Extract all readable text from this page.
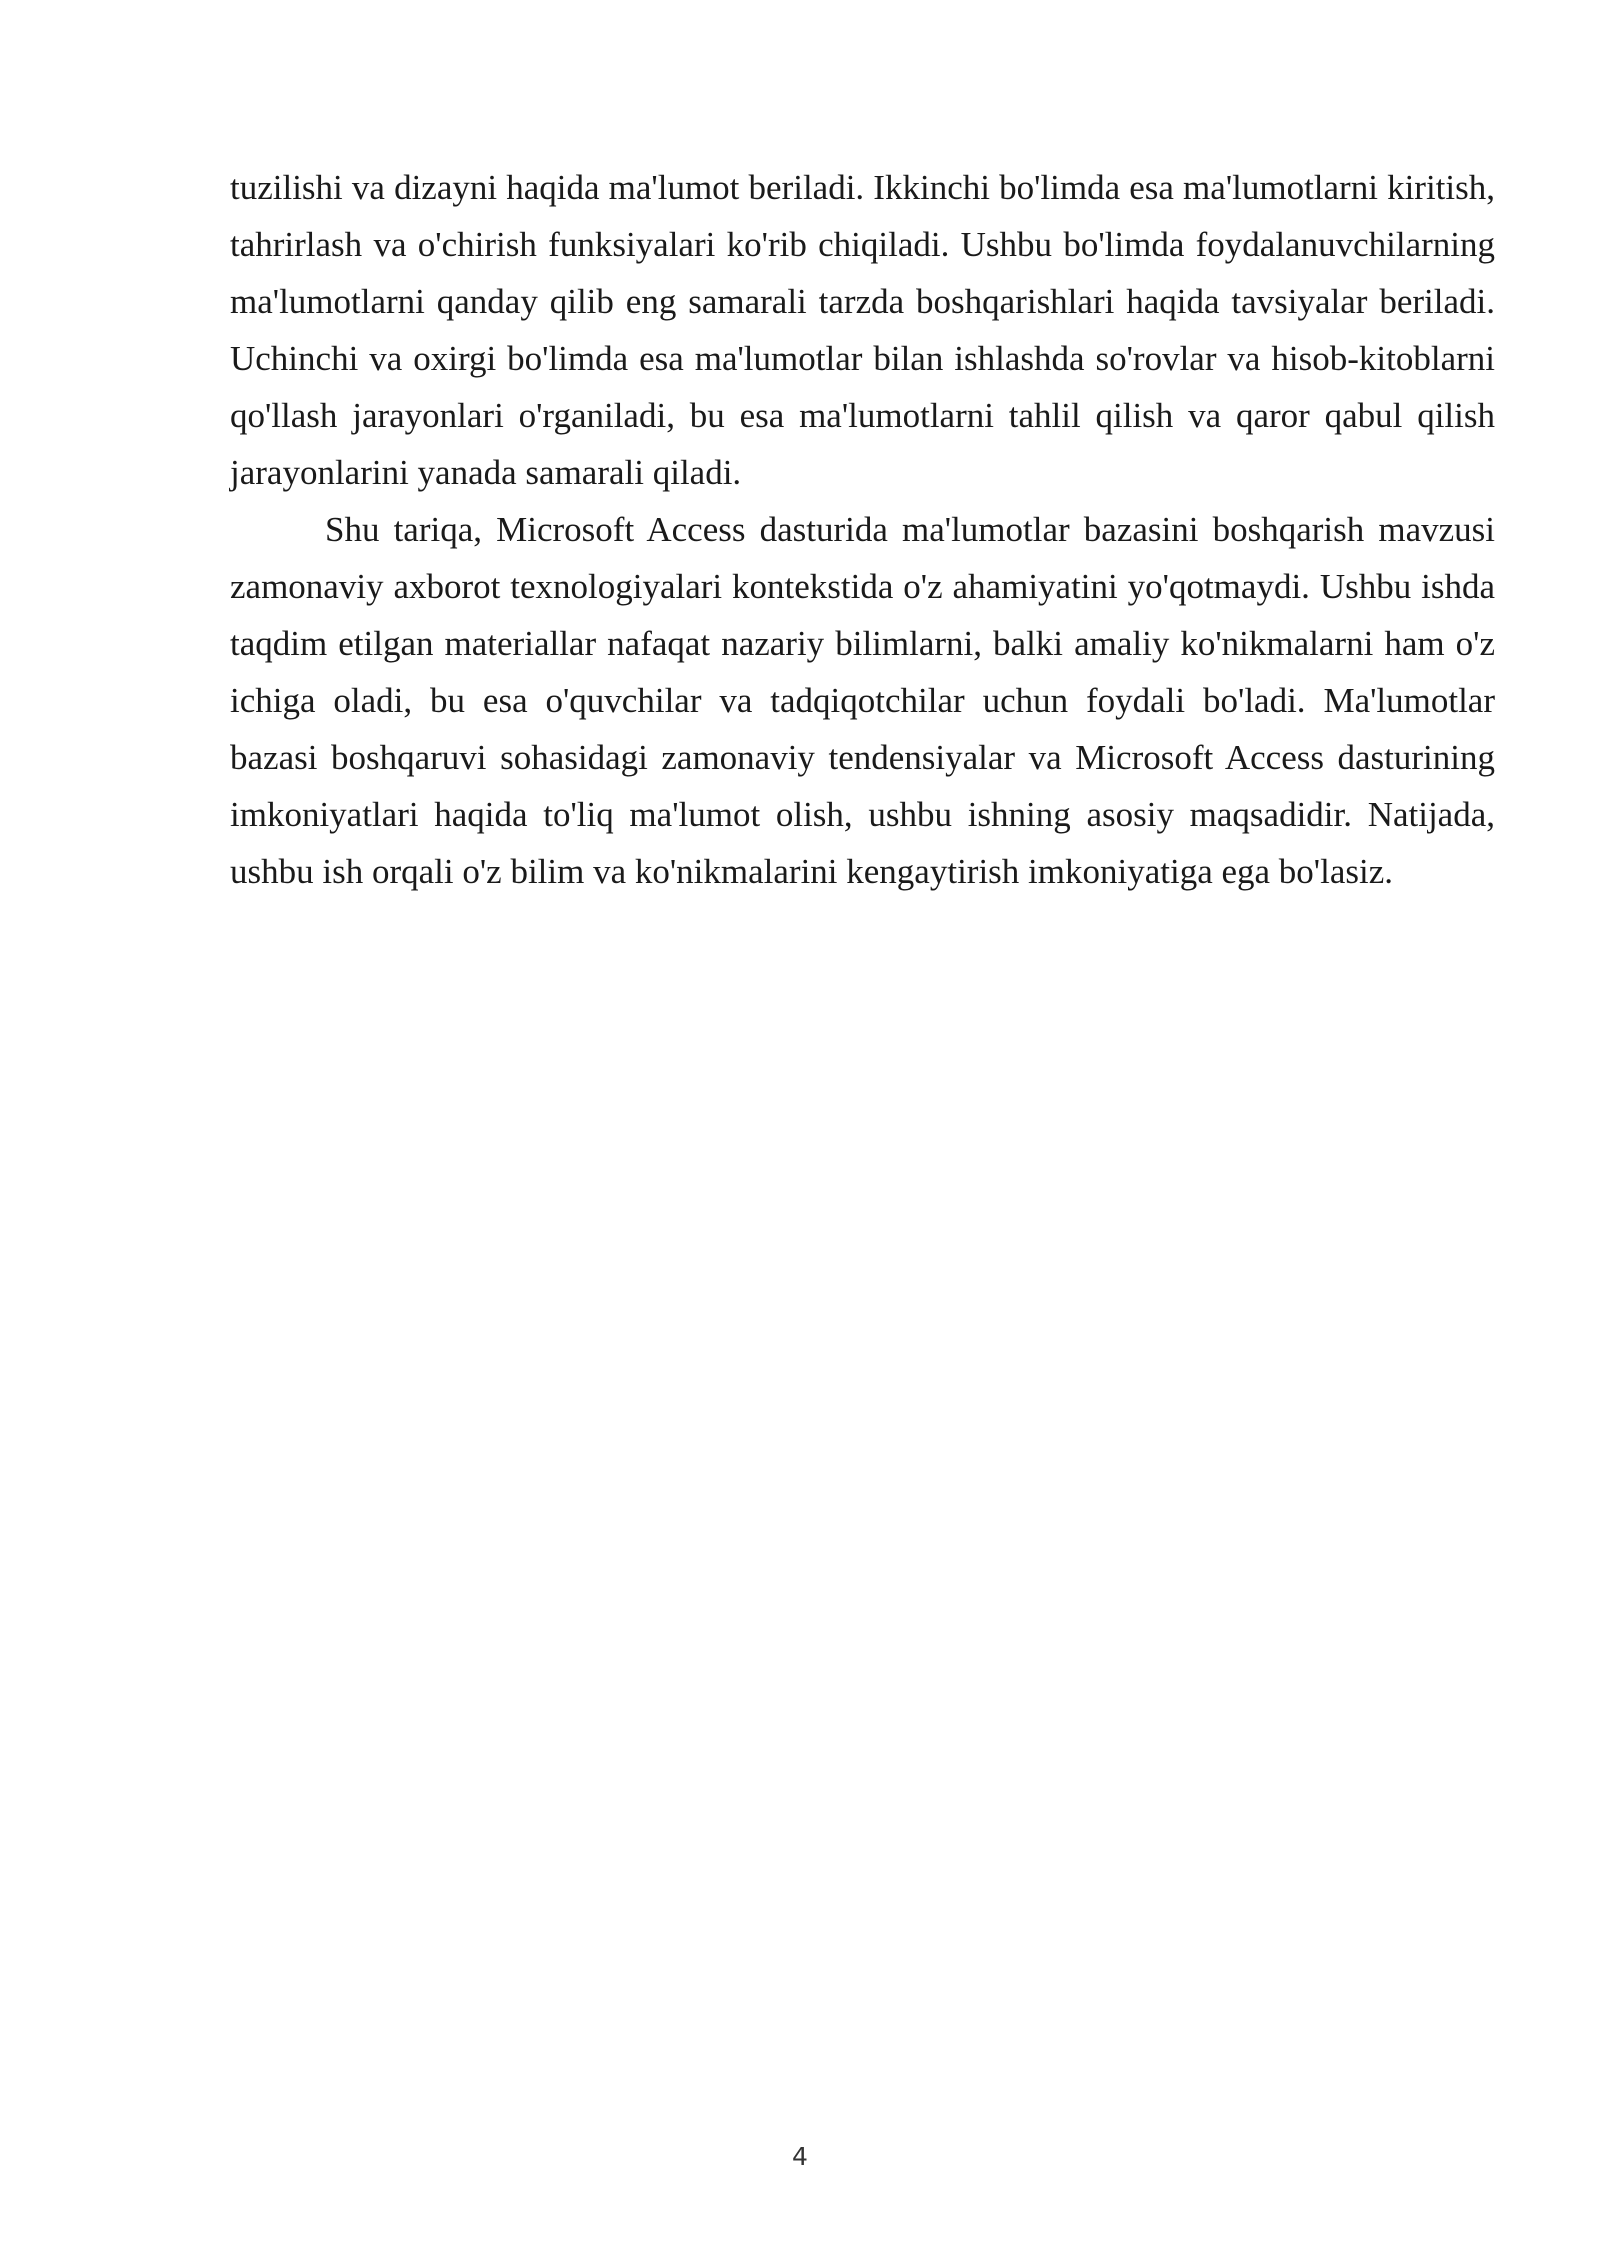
tuzilishi va dizayni haqida ma'lumot beriladi. Ikkinchi bo'limda esa ma'lumotlarni kiritish, tahrirlash va o'chirish funksiyalari ko'rib chiqiladi. Ushbu bo'limda foydalanuvchilarning ma'lumotlarni qanday qilib eng samarali tarzda boshqarishlari haqida tavsiyalar beriladi. Uchinchi va oxirgi bo'limda esa ma'lumotlar bilan ishlashda so'rovlar va hisob-kitoblarni qo'llash jarayonlari o'rganiladi, bu esa ma'lumotlarni tahlil qilish va qaror qabul qilish jarayonlarini yanada samarali qiladi.

Shu tariqa, Microsoft Access dasturida ma'lumotlar bazasini boshqarish mavzusi zamonaviy axborot texnologiyalari kontekstida o'z ahamiyatini yo'qotmaydi. Ushbu ishda taqdim etilgan materiallar nafaqat nazariy bilimlarni, balki amaliy ko'nikmalarni ham o'z ichiga oladi, bu esa o'quvchilar va tadqiqotchilar uchun foydali bo'ladi. Ma'lumotlar bazasi boshqaruvi sohasidagi zamonaviy tendensiyalar va Microsoft Access dasturining imkoniyatlari haqida to'liq ma'lumot olish, ushbu ishning asosiy maqsadidir. Natijada, ushbu ish orqali o'z bilim va ko'nikmalarini kengaytirish imkoniyatiga ega bo'lasiz.

4
